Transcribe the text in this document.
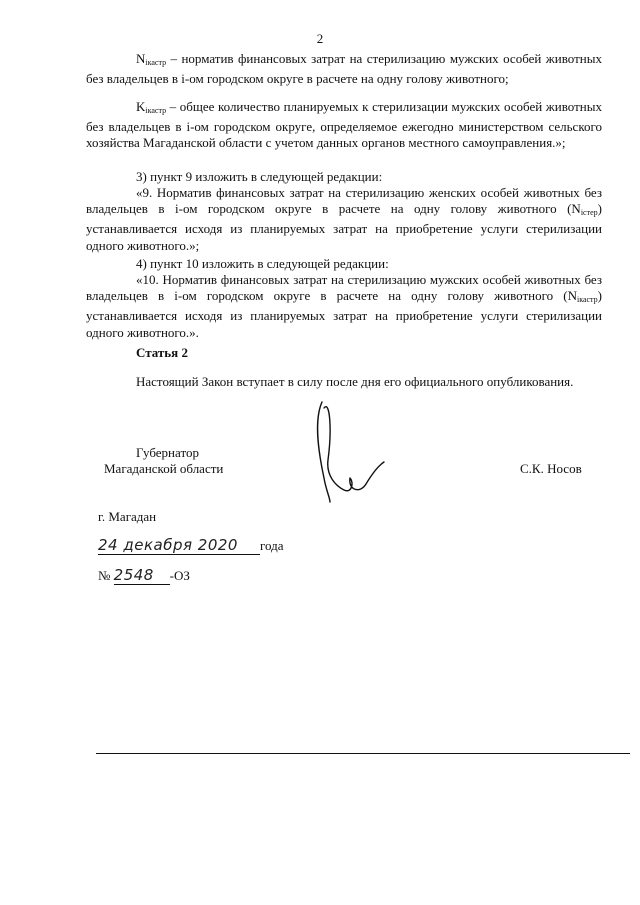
2

$N_{iкастр}$ – норматив финансовых затрат на стерилизацию мужских особей животных без владельцев в i-ом городском округе в расчете на одну голову животного;

$K_{iкастр}$ – общее количество планируемых к стерилизации мужских особей животных без владельцев в i-ом городском округе, определяемое ежегодно министерством сельского хозяйства Магаданской области с учетом данных органов местного самоуправления.»;

3) пункт 9 изложить в следующей редакции:

«9. Норматив финансовых затрат на стерилизацию женских особей животных без владельцев в i-ом городском округе в расчете на одну голову животного $(N_{iстер})$ устанавливается исходя из планируемых затрат на приобретение услуги стерилизации одного животного.»;

4) пункт 10 изложить в следующей редакции:

«10. Норматив финансовых затрат на стерилизацию мужских особей животных без владельцев в i-ом городском округе в расчете на одну голову животного $(N_{iкастр})$ устанавливается исходя из планируемых затрат на приобретение услуги стерилизации одного животного.».

Статья 2

Настоящий Закон вступает в силу после дня его официального опубликования.

Губернатор
Магаданской области	С.К. Носов
г. Магадан
24 декабря 2020 года
№ 2548 -ОЗ
